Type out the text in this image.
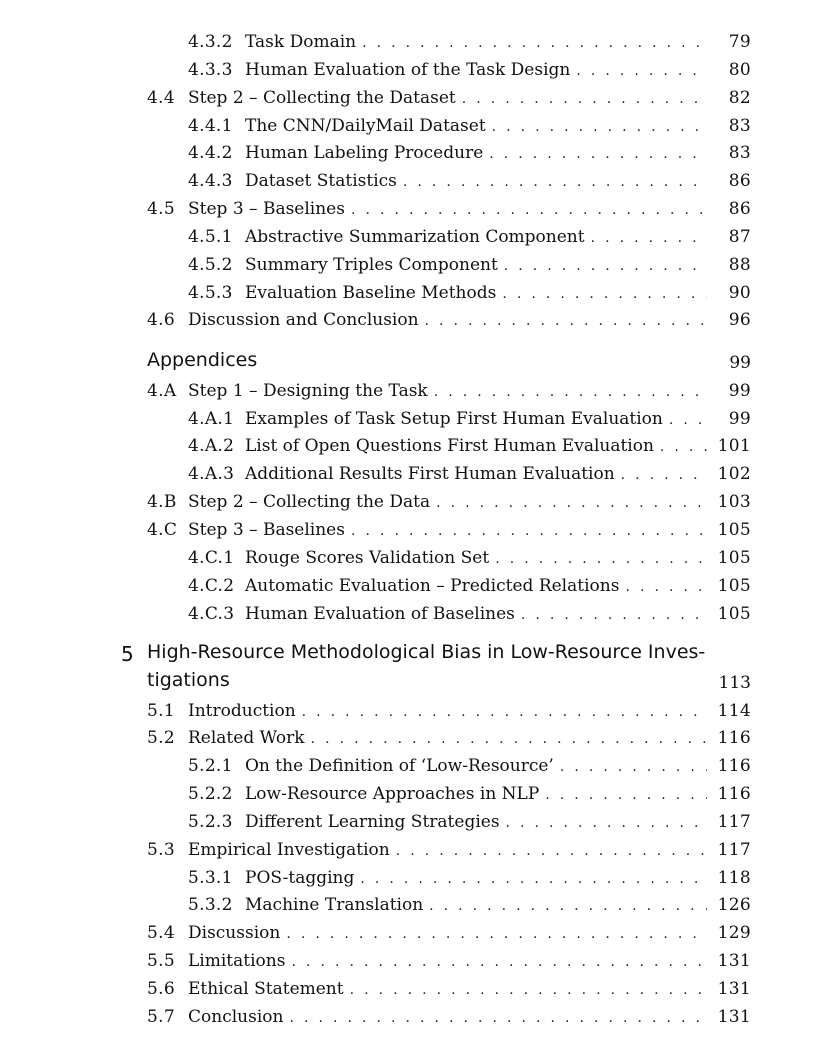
4.3.2 Task Domain . . .	79
4.3.3 Human Evaluation of the Task Design . . .	80
4.4 Step 2 – Collecting the Dataset . . .	82
4.4.1 The CNN/DailyMail Dataset . . .	83
4.4.2 Human Labeling Procedure . . .	83
4.4.3 Dataset Statistics . . .	86
4.5 Step 3 – Baselines . . .	86
4.5.1 Abstractive Summarization Component . . .	87
4.5.2 Summary Triples Component . . .	88
4.5.3 Evaluation Baseline Methods . . .	90
4.6 Discussion and Conclusion . . .	96
Appendices	99
4.A Step 1 – Designing the Task . . .	99
4.A.1 Examples of Task Setup First Human Evaluation . . .	99
4.A.2 List of Open Questions First Human Evaluation . . .	101
4.A.3 Additional Results First Human Evaluation . . .	102
4.B Step 2 – Collecting the Data . . .	103
4.C Step 3 – Baselines . . .	105
4.C.1 Rouge Scores Validation Set . . .	105
4.C.2 Automatic Evaluation – Predicted Relations . . .	105
4.C.3 Human Evaluation of Baselines . . .	105
5 High-Resource Methodological Bias in Low-Resource Inves-
tigations	113
5.1 Introduction . . .	114
5.2 Related Work . . .	116
5.2.1 On the Definition of ‘Low-Resource’ . . .	116
5.2.2 Low-Resource Approaches in NLP . . .	116
5.2.3 Different Learning Strategies . . .	117
5.3 Empirical Investigation . . .	117
5.3.1 POS-tagging . . .	118
5.3.2 Machine Translation . . .	126
5.4 Discussion . . .	129
5.5 Limitations . . .	131
5.6 Ethical Statement . . .	131
5.7 Conclusion . . .	131
